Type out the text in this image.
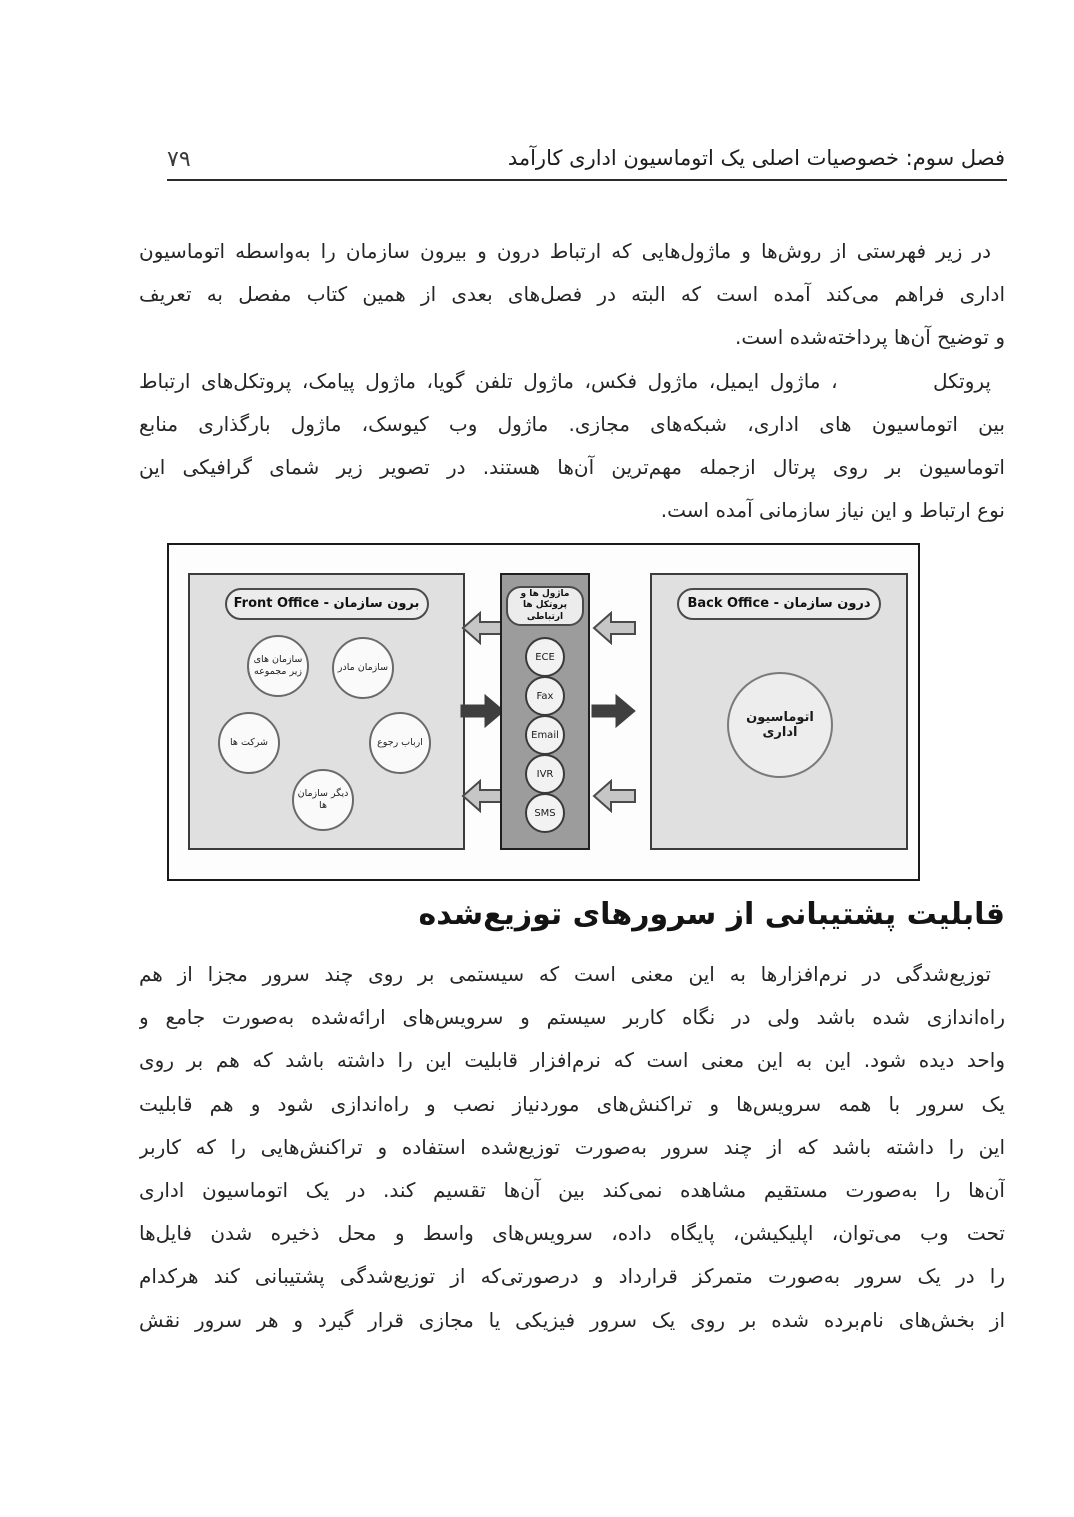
فصل سوم: خصوصیات اصلی یک اتوماسیون اداری کارآمد
۷۹
در زیر فهرستی از روش‌ها و ماژول‌هایی که ارتباط درون و بیرون سازمان را به‌واسطه اتوماسیون
اداری فراهم می‌کند آمده است که البته در فصل‌های بعدی از همین کتاب مفصل به تعریف
و توضیح آن‌ها پرداخته‌شده است.
پروتکل         ، ماژول ایمیل، ماژول فکس، ماژول تلفن گویا، ماژول پیامک، پروتکل‌های ارتباط
بین اتوماسیون های اداری، شبکه‌های مجازی. ماژول وب کیوسک، ماژول بارگذاری منابع
اتوماسیون بر روی پرتال ازجمله مهم‌ترین آن‌ها هستند. در تصویر زیر شمای گرافیکی این
نوع ارتباط و این نیاز سازمانی آمده است.
Front Office - برون سازمان
سازمان های زیر مجموعه	سازمان مادر
شرکت ها	ارباب رجوع
دیگر سازمان ها
ماژول ها و پروتکل ها
ارتباطی
ECE
Fax
Email
IVR
SMS
Back Office - درون سازمان
اتوماسیون اداری
قابلیت پشتیبانی از سرورهای توزیع‌شده
توزیع‌شدگی در نرم‌افزارها به این معنی است که سیستمی بر روی چند سرور مجزا از هم
راه‌اندازی شده باشد ولی در نگاه کاربر سیستم و سرویس‌های ارائه‌شده به‌صورت جامع و
واحد دیده شود. این به این معنی است که نرم‌افزار قابلیت این را داشته باشد که هم بر روی
یک سرور با همه سرویس‌ها و تراکنش‌های موردنیاز نصب و راه‌اندازی شود و هم قابلیت
این را داشته باشد که از چند سرور به‌صورت توزیع‌شده استفاده و تراکنش‌هایی را که کاربر
آن‌ها را به‌صورت مستقیم مشاهده نمی‌کند بین آن‌ها تقسیم کند. در یک اتوماسیون اداری
تحت وب می‌توان، اپلیکیشن، پایگاه داده، سرویس‌های واسط و محل ذخیره شدن فایل‌ها
را در یک سرور به‌صورت متمرکز قرارداد و درصورتی‌که از توزیع‌شدگی پشتیبانی کند هرکدام
از بخش‌های نام‌برده شده بر روی یک سرور فیزیکی یا مجازی قرار گیرد و هر سرور نقش
